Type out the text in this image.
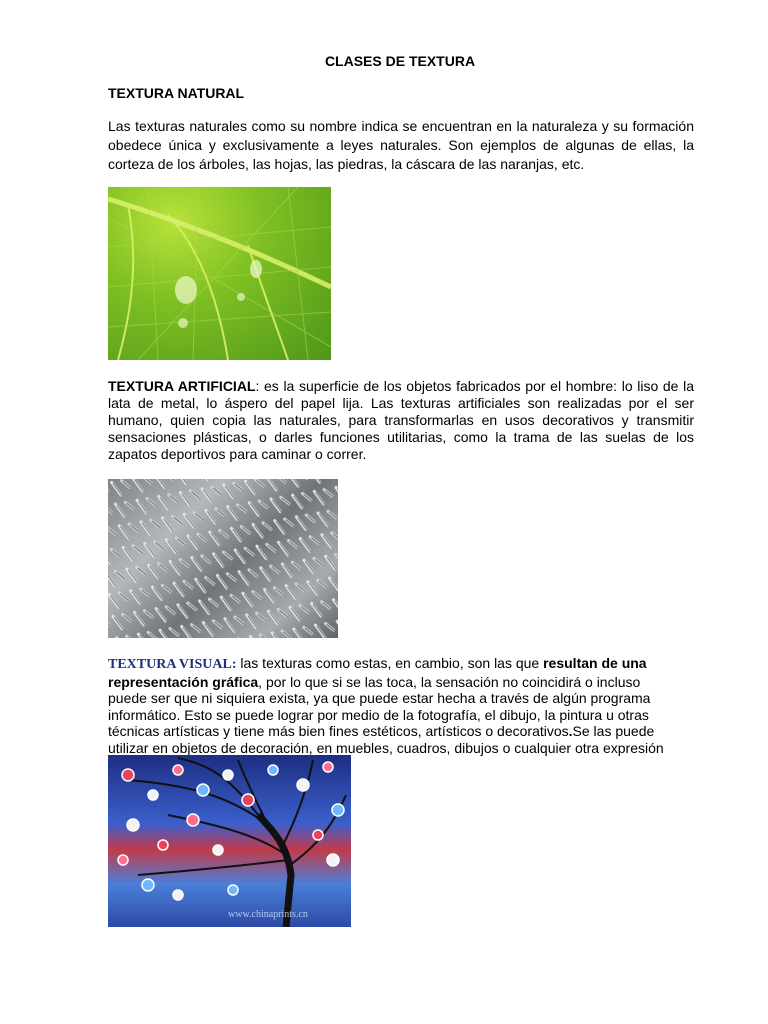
CLASES DE TEXTURA
TEXTURA NATURAL
Las texturas naturales como su nombre indica se encuentran en la naturaleza y su formación obedece única y exclusivamente a leyes naturales. Son ejemplos de algunas de ellas, la corteza de los árboles, las hojas, las piedras, la cáscara de las naranjas, etc.
TEXTURA ARTIFICIAL: es la superficie de los objetos fabricados por el hombre: lo liso de la lata de metal, lo áspero del papel lija. Las texturas artificiales son realizadas por el ser humano, quien copia las naturales, para transformarlas en usos decorativos y transmitir sensaciones plásticas, o darles funciones utilitarias, como la trama de las suelas de los zapatos deportivos para caminar o correr.
TEXTURA VISUAL: las texturas como estas, en cambio, son las que resultan de una representación gráfica, por lo que si se las toca, la sensación no coincidirá o incluso puede ser que ni siquiera exista, ya que puede estar hecha a través de algún programa informático. Esto se puede lograr por medio de la fotografía, el dibujo, la pintura u otras técnicas artísticas y tiene más bien fines estéticos, artísticos o decorativos.Se las puede utilizar en objetos de decoración, en muebles, cuadros, dibujos o cualquier otra expresión
www.chinaprints.cn
